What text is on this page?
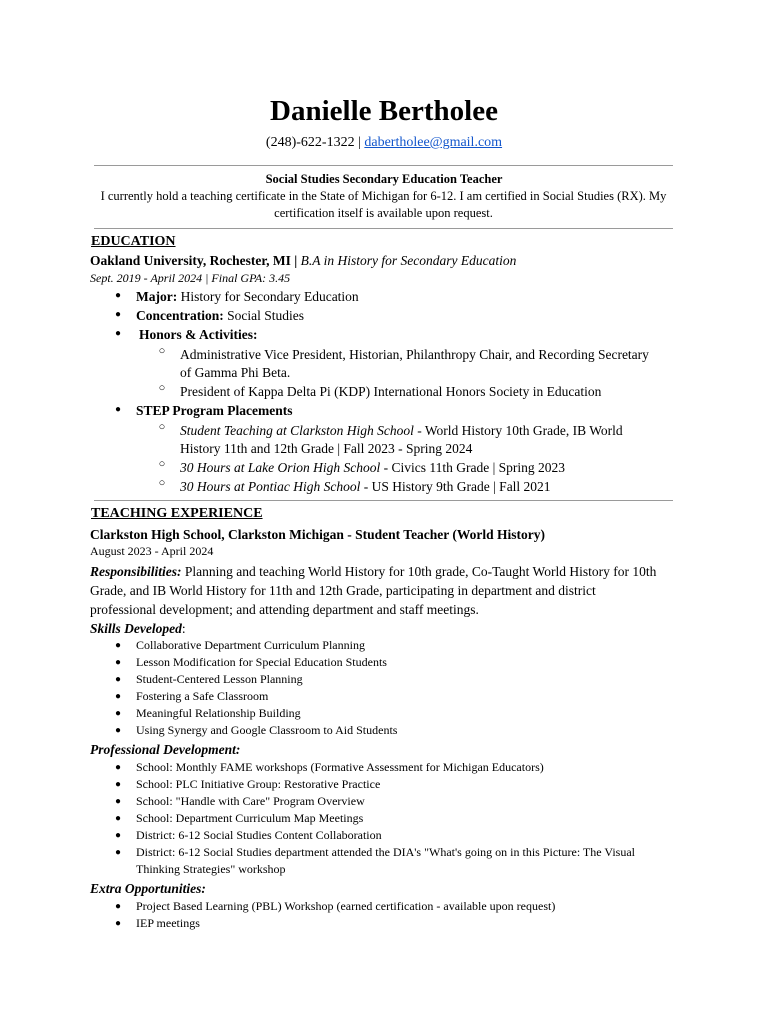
Danielle Bertholee
(248)-622-1322 | dabertholee@gmail.com
Social Studies Secondary Education Teacher
I currently hold a teaching certificate in the State of Michigan for 6-12. I am certified in Social Studies (RX). My certification itself is available upon request.
EDUCATION
Oakland University, Rochester, MI | B.A in History for Secondary Education
Sept. 2019 - April 2024 | Final GPA: 3.45
● Major: History for Secondary Education
● Concentration: Social Studies
● Honors & Activities:
○ Administrative Vice President, Historian, Philanthropy Chair, and Recording Secretary
of Gamma Phi Beta.
○ President of Kappa Delta Pi (KDP) International Honors Society in Education
● STEP Program Placements
○ Student Teaching at Clarkston High School - World History 10th Grade, IB World
History 11th and 12th Grade | Fall 2023 - Spring 2024
○ 30 Hours at Lake Orion High School - Civics 11th Grade | Spring 2023
○ 30 Hours at Pontiac High School - US History 9th Grade | Fall 2021
TEACHING EXPERIENCE
Clarkston High School, Clarkston Michigan - Student Teacher (World History)
August 2023 - April 2024
Responsibilities: Planning and teaching World History for 10th grade, Co-Taught World History for 10th
Grade, and IB World History for 11th and 12th Grade, participating in department and district
professional development; and attending department and staff meetings.
Skills Developed:
● Collaborative Department Curriculum Planning
● Lesson Modification for Special Education Students
● Student-Centered Lesson Planning
● Fostering a Safe Classroom
● Meaningful Relationship Building
● Using Synergy and Google Classroom to Aid Students
Professional Development:
● School: Monthly FAME workshops (Formative Assessment for Michigan Educators)
● School: PLC Initiative Group: Restorative Practice
● School: "Handle with Care" Program Overview
● School: Department Curriculum Map Meetings
● District: 6-12 Social Studies Content Collaboration
● District: 6-12 Social Studies department attended the DIA's "What's going on in this Picture: The Visual
Thinking Strategies" workshop
Extra Opportunities:
● Project Based Learning (PBL) Workshop (earned certification - available upon request)
● IEP meetings
